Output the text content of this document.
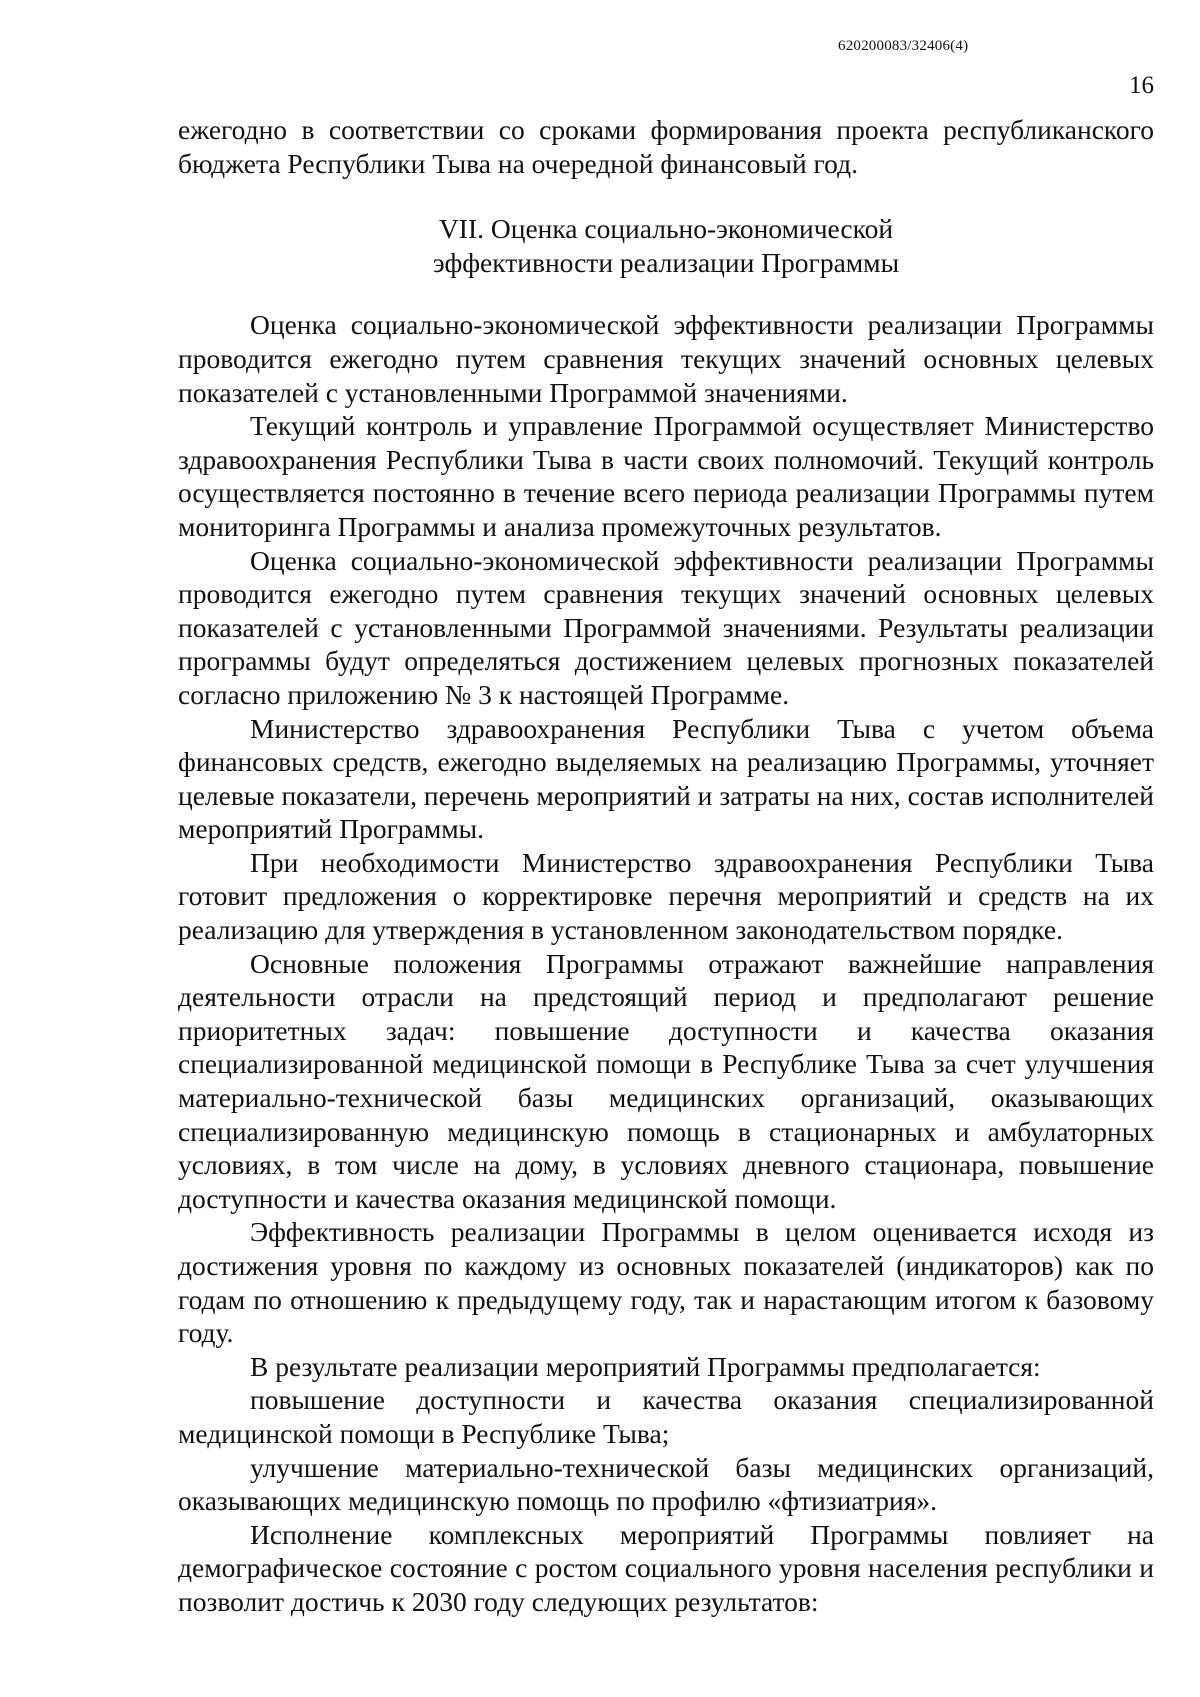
620200083/32406(4)
16

ежегодно в соответствии со сроками формирования проекта республиканского бюджета Республики Тыва на очередной финансовый год.

VII. Оценка социально-экономической
эффективности реализации Программы

Оценка социально-экономической эффективности реализации Программы проводится ежегодно путем сравнения текущих значений основных целевых показателей с установленными Программой значениями.

Текущий контроль и управление Программой осуществляет Министерство здравоохранения Республики Тыва в части своих полномочий. Текущий контроль осуществляется постоянно в течение всего периода реализации Программы путем мониторинга Программы и анализа промежуточных результатов.

Оценка социально-экономической эффективности реализации Программы проводится ежегодно путем сравнения текущих значений основных целевых показателей с установленными Программой значениями. Результаты реализации программы будут определяться достижением целевых прогнозных показателей согласно приложению № 3 к настоящей Программе.

Министерство здравоохранения Республики Тыва с учетом объема финансовых средств, ежегодно выделяемых на реализацию Программы, уточняет целевые показатели, перечень мероприятий и затраты на них, состав исполнителей мероприятий Программы.

При необходимости Министерство здравоохранения Республики Тыва готовит предложения о корректировке перечня мероприятий и средств на их реализацию для утверждения в установленном законодательством порядке.

Основные положения Программы отражают важнейшие направления деятельности отрасли на предстоящий период и предполагают решение приоритетных задач: повышение доступности и качества оказания специализированной медицинской помощи в Республике Тыва за счет улучшения материально-технической базы медицинских организаций, оказывающих специализированную медицинскую помощь в стационарных и амбулаторных условиях, в том числе на дому, в условиях дневного стационара, повышение доступности и качества оказания медицинской помощи.

Эффективность реализации Программы в целом оценивается исходя из достижения уровня по каждому из основных показателей (индикаторов) как по годам по отношению к предыдущему году, так и нарастающим итогом к базовому году.

В результате реализации мероприятий Программы предполагается:

повышение доступности и качества оказания специализированной медицинской помощи в Республике Тыва;

улучшение материально-технической базы медицинских организаций, оказывающих медицинскую помощь по профилю «фтизиатрия».

Исполнение комплексных мероприятий Программы повлияет на демографическое состояние с ростом социального уровня населения республики и позволит достичь к 2030 году следующих результатов:
